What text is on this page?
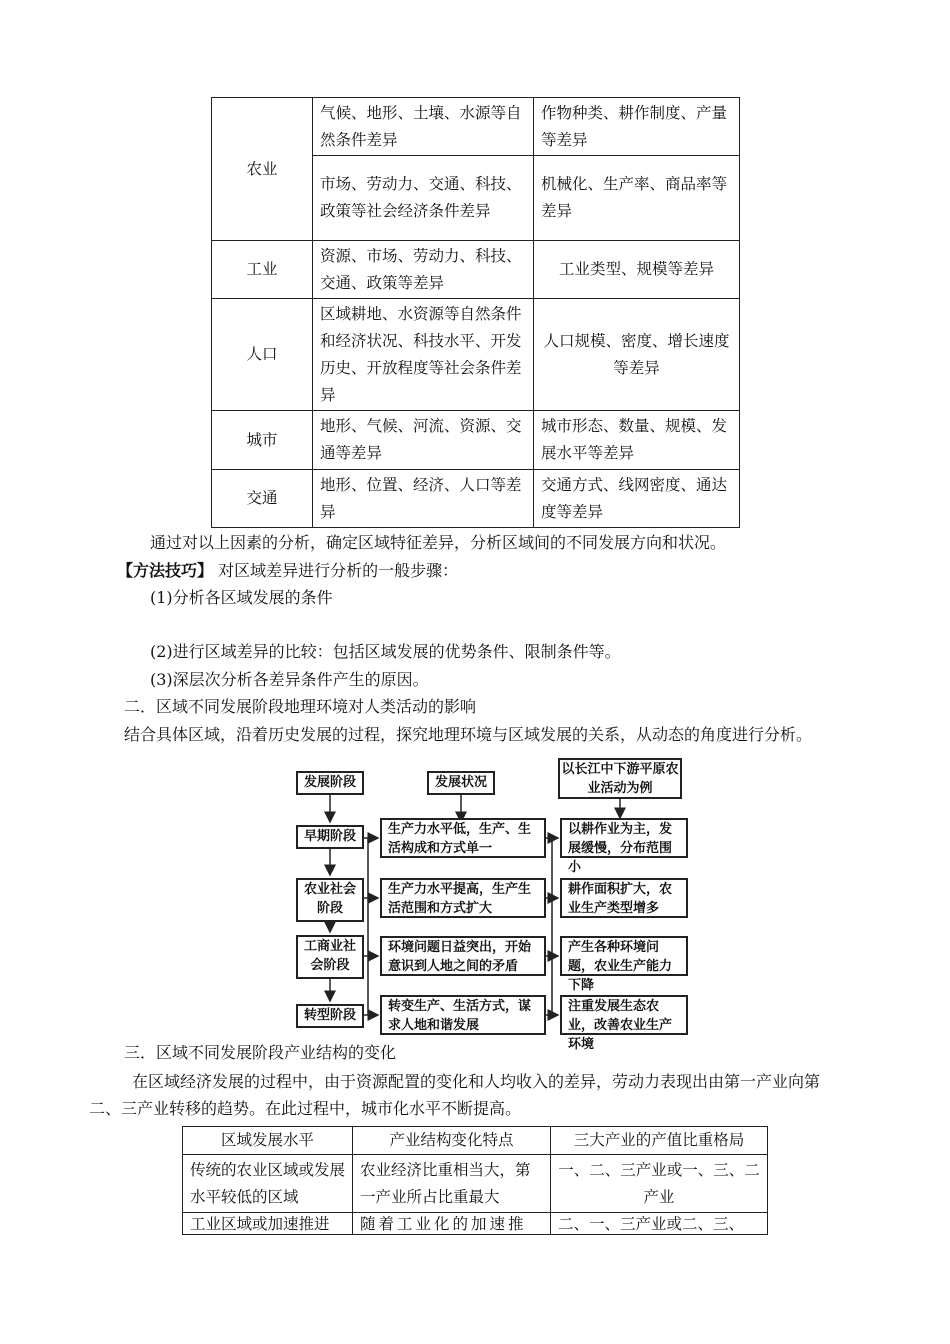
农业	气候、地形、土壤、水源等自然条件差异	作物种类、耕作制度、产量等差异
	市场、劳动力、交通、科技、政策等社会经济条件差异	机械化、生产率、商品率等差异
工业	资源、市场、劳动力、科技、交通、政策等差异	工业类型、规模等差异
人口	区域耕地、水资源等自然条件和经济状况、科技水平、开发历史、开放程度等社会条件差异	人口规模、密度、增长速度等差异
城市	地形、气候、河流、资源、交通等差异	城市形态、数量、规模、发展水平等差异
交通	地形、位置、经济、人口等差异	交通方式、线网密度、通达度等差异
通过对以上因素的分析，确定区域特征差异，分析区域间的不同发展方向和状况。
【方法技巧】 对区域差异进行分析的一般步骤：
(1)分析各区域发展的条件
(2)进行区域差异的比较：包括区域发展的优势条件、限制条件等。
(3)深层次分析各差异条件产生的原因。
二．区域不同发展阶段地理环境对人类活动的影响
结合具体区域，沿着历史发展的过程，探究地理环境与区域发展的关系，从动态的角度进行分析。
发展阶段	发展状况
以长江中下游平原农业活动为例
早期阶段
农业社会阶段
工商业社会阶段
转型阶段
生产力水平低，生产、生活构成和方式单一
生产力水平提高，生产生活范围和方式扩大
环境问题日益突出，开始意识到人地之间的矛盾
转变生产、生活方式，谋求人地和谐发展
以耕作业为主，发展缓慢，分布范围小
耕作面积扩大，农业生产类型增多
产生各种环境问题，农业生产能力下降
注重发展生态农业，改善农业生产环境
三．区域不同发展阶段产业结构的变化
在区域经济发展的过程中，由于资源配置的变化和人均收入的差异，劳动力表现出由第一产业向第
二、三产业转移的趋势。在此过程中，城市化水平不断提高。
区域发展水平	产业结构变化特点	三大产业的产值比重格局
传统的农业区域或发展水平较低的区域	农业经济比重相当大，第一产业所占比重最大	一、二、三产业或一、三、二产业
工业区域或加速推进	随着工业化的加速推	二、一、三产业或二、三、
